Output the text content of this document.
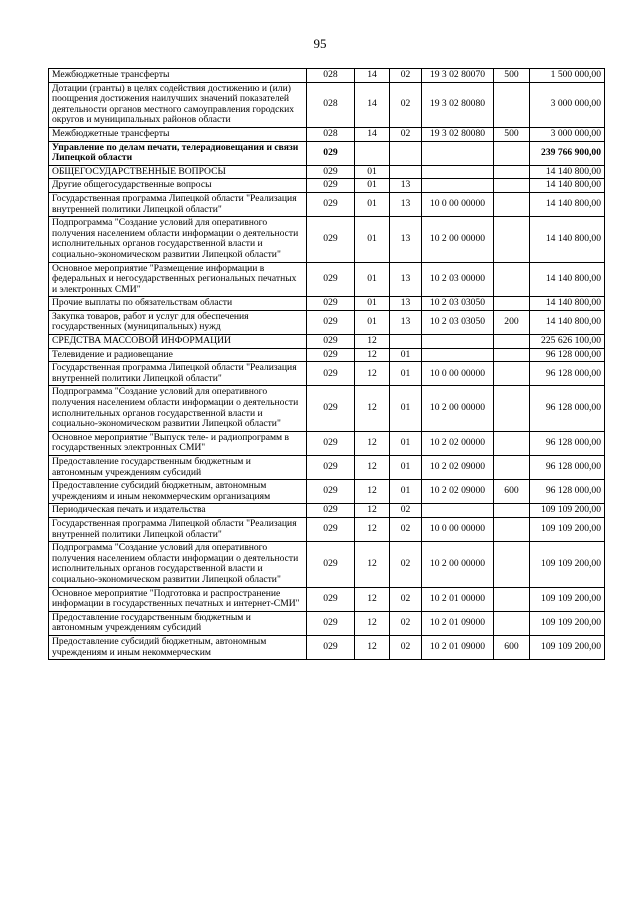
95
Межбюджетные трансферты	028	14	02	19 3 02 80070	500	1 500 000,00
Дотации (гранты) в целях содействия достижению и (или) поощрения достижения наилучших значений показателей деятельности органов местного самоуправления городских округов и муниципальных районов области	028	14	02	19 3 02 80080		3 000 000,00
Межбюджетные трансферты	028	14	02	19 3 02 80080	500	3 000 000,00
Управление по делам печати, телерадиовещания и связи Липецкой области	029					239 766 900,00
ОБЩЕГОСУДАРСТВЕННЫЕ ВОПРОСЫ	029	01				14 140 800,00
Другие общегосударственные вопросы	029	01	13			14 140 800,00
Государственная программа Липецкой области "Реализация внутренней политики Липецкой области"	029	01	13	10 0 00 00000		14 140 800,00
Подпрограмма "Создание условий для оперативного получения населением области информации о деятельности исполнительных органов государственной власти и социально-экономическом развитии Липецкой области"	029	01	13	10 2 00 00000		14 140 800,00
Основное мероприятие "Размещение информации в федеральных и негосударственных региональных печатных и электронных СМИ"	029	01	13	10 2 03 00000		14 140 800,00
Прочие выплаты по обязательствам области	029	01	13	10 2 03 03050		14 140 800,00
Закупка товаров, работ и услуг для обеспечения государственных (муниципальных) нужд	029	01	13	10 2 03 03050	200	14 140 800,00
СРЕДСТВА МАССОВОЙ ИНФОРМАЦИИ	029	12				225 626 100,00
Телевидение и радиовещание	029	12	01			96 128 000,00
Государственная программа Липецкой области "Реализация внутренней политики Липецкой области"	029	12	01	10 0 00 00000		96 128 000,00
Подпрограмма "Создание условий для оперативного получения населением области информации о деятельности исполнительных органов государственной власти и социально-экономическом развитии Липецкой области"	029	12	01	10 2 00 00000		96 128 000,00
Основное мероприятие "Выпуск теле- и радиопрограмм в государственных электронных СМИ"	029	12	01	10 2 02 00000		96 128 000,00
Предоставление государственным бюджетным и автономным учреждениям субсидий	029	12	01	10 2 02 09000		96 128 000,00
Предоставление субсидий бюджетным, автономным учреждениям и иным некоммерческим организациям	029	12	01	10 2 02 09000	600	96 128 000,00
Периодическая печать и издательства	029	12	02			109 109 200,00
Государственная программа Липецкой области "Реализация внутренней политики Липецкой области"	029	12	02	10 0 00 00000		109 109 200,00
Подпрограмма "Создание условий для оперативного получения населением области информации о деятельности исполнительных органов государственной власти и социально-экономическом развитии Липецкой области"	029	12	02	10 2 00 00000		109 109 200,00
Основное мероприятие "Подготовка и распространение информации в государственных печатных и интернет-СМИ"	029	12	02	10 2 01 00000		109 109 200,00
Предоставление государственным бюджетным и автономным учреждениям субсидий	029	12	02	10 2 01 09000		109 109 200,00
Предоставление субсидий бюджетным, автономным учреждениям и иным некоммерческим	029	12	02	10 2 01 09000	600	109 109 200,00
